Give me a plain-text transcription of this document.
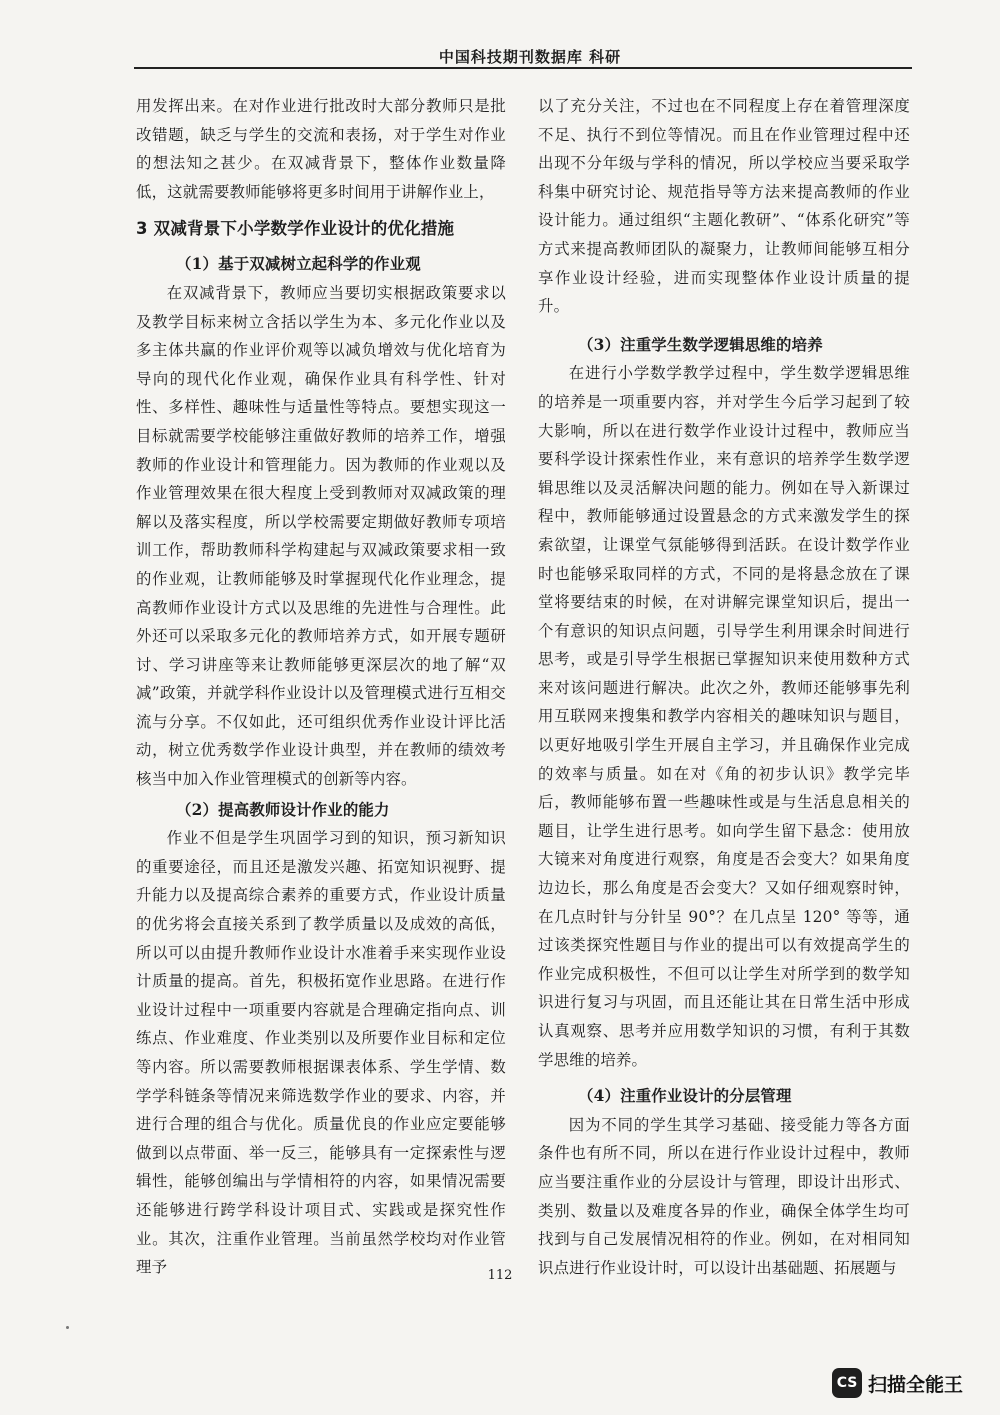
中国科技期刊数据库 科研

用发挥出来。在对作业进行批改时大部分教师只是批改错题，缺乏与学生的交流和表扬，对于学生对作业的想法知之甚少。在双减背景下，整体作业数量降低，这就需要教师能够将更多时间用于讲解作业上，

3 双减背景下小学数学作业设计的优化措施

（1）基于双减树立起科学的作业观

在双减背景下，教师应当要切实根据政策要求以及教学目标来树立含括以学生为本、多元化作业以及多主体共赢的作业评价观等以减负增效与优化培育为导向的现代化作业观，确保作业具有科学性、针对性、多样性、趣味性与适量性等特点。要想实现这一目标就需要学校能够注重做好教师的培养工作，增强教师的作业设计和管理能力。因为教师的作业观以及作业管理效果在很大程度上受到教师对双减政策的理解以及落实程度，所以学校需要定期做好教师专项培训工作，帮助教师科学构建起与双减政策要求相一致的作业观，让教师能够及时掌握现代化作业理念，提高教师作业设计方式以及思维的先进性与合理性。此外还可以采取多元化的教师培养方式，如开展专题研讨、学习讲座等来让教师能够更深层次的地了解“双减”政策，并就学科作业设计以及管理模式进行互相交流与分享。不仅如此，还可组织优秀作业设计评比活动，树立优秀数学作业设计典型，并在教师的绩效考核当中加入作业管理模式的创新等内容。

（2）提高教师设计作业的能力

作业不但是学生巩固学习到的知识，预习新知识的重要途径，而且还是激发兴趣、拓宽知识视野、提升能力以及提高综合素养的重要方式，作业设计质量的优劣将会直接关系到了教学质量以及成效的高低，所以可以由提升教师作业设计水准着手来实现作业设计质量的提高。首先，积极拓宽作业思路。在进行作业设计过程中一项重要内容就是合理确定指向点、训练点、作业难度、作业类别以及所要作业目标和定位等内容。所以需要教师根据课表体系、学生学情、数学学科链条等情况来筛选数学作业的要求、内容，并进行合理的组合与优化。质量优良的作业应定要能够做到以点带面、举一反三，能够具有一定探索性与逻辑性，能够创编出与学情相符的内容，如果情况需要还能够进行跨学科设计项目式、实践或是探究性作业。其次，注重作业管理。当前虽然学校均对作业管理予

以了充分关注，不过也在不同程度上存在着管理深度不足、执行不到位等情况。而且在作业管理过程中还出现不分年级与学科的情况，所以学校应当要采取学科集中研究讨论、规范指导等方法来提高教师的作业设计能力。通过组织“主题化教研”、“体系化研究”等方式来提高教师团队的凝聚力，让教师间能够互相分享作业设计经验，进而实现整体作业设计质量的提升。

（3）注重学生数学逻辑思维的培养

在进行小学数学教学过程中，学生数学逻辑思维的培养是一项重要内容，并对学生今后学习起到了较大影响，所以在进行数学作业设计过程中，教师应当要科学设计探索性作业，来有意识的培养学生数学逻辑思维以及灵活解决问题的能力。例如在导入新课过程中，教师能够通过设置悬念的方式来激发学生的探索欲望，让课堂气氛能够得到活跃。在设计数学作业时也能够采取同样的方式，不同的是将悬念放在了课堂将要结束的时候，在对讲解完课堂知识后，提出一个有意识的知识点问题，引导学生利用课余时间进行思考，或是引导学生根据已掌握知识来使用数种方式来对该问题进行解决。此次之外，教师还能够事先利用互联网来搜集和教学内容相关的趣味知识与题目，以更好地吸引学生开展自主学习，并且确保作业完成的效率与质量。如在对《角的初步认识》教学完毕后，教师能够布置一些趣味性或是与生活息息相关的题目，让学生进行思考。如向学生留下悬念：使用放大镜来对角度进行观察，角度是否会变大？如果角度边边长，那么角度是否会变大？又如仔细观察时钟，在几点时针与分针呈 90°？在几点呈 120° 等等，通过该类探究性题目与作业的提出可以有效提高学生的作业完成积极性，不但可以让学生对所学到的数学知识进行复习与巩固，而且还能让其在日常生活中形成认真观察、思考并应用数学知识的习惯，有利于其数学思维的培养。

（4）注重作业设计的分层管理

因为不同的学生其学习基础、接受能力等各方面条件也有所不同，所以在进行作业设计过程中，教师应当要注重作业的分层设计与管理，即设计出形式、类别、数量以及难度各异的作业，确保全体学生均可找到与自己发展情况相符的作业。例如，在对相同知识点进行作业设计时，可以设计出基础题、拓展题与

112
CS 扫描全能王
